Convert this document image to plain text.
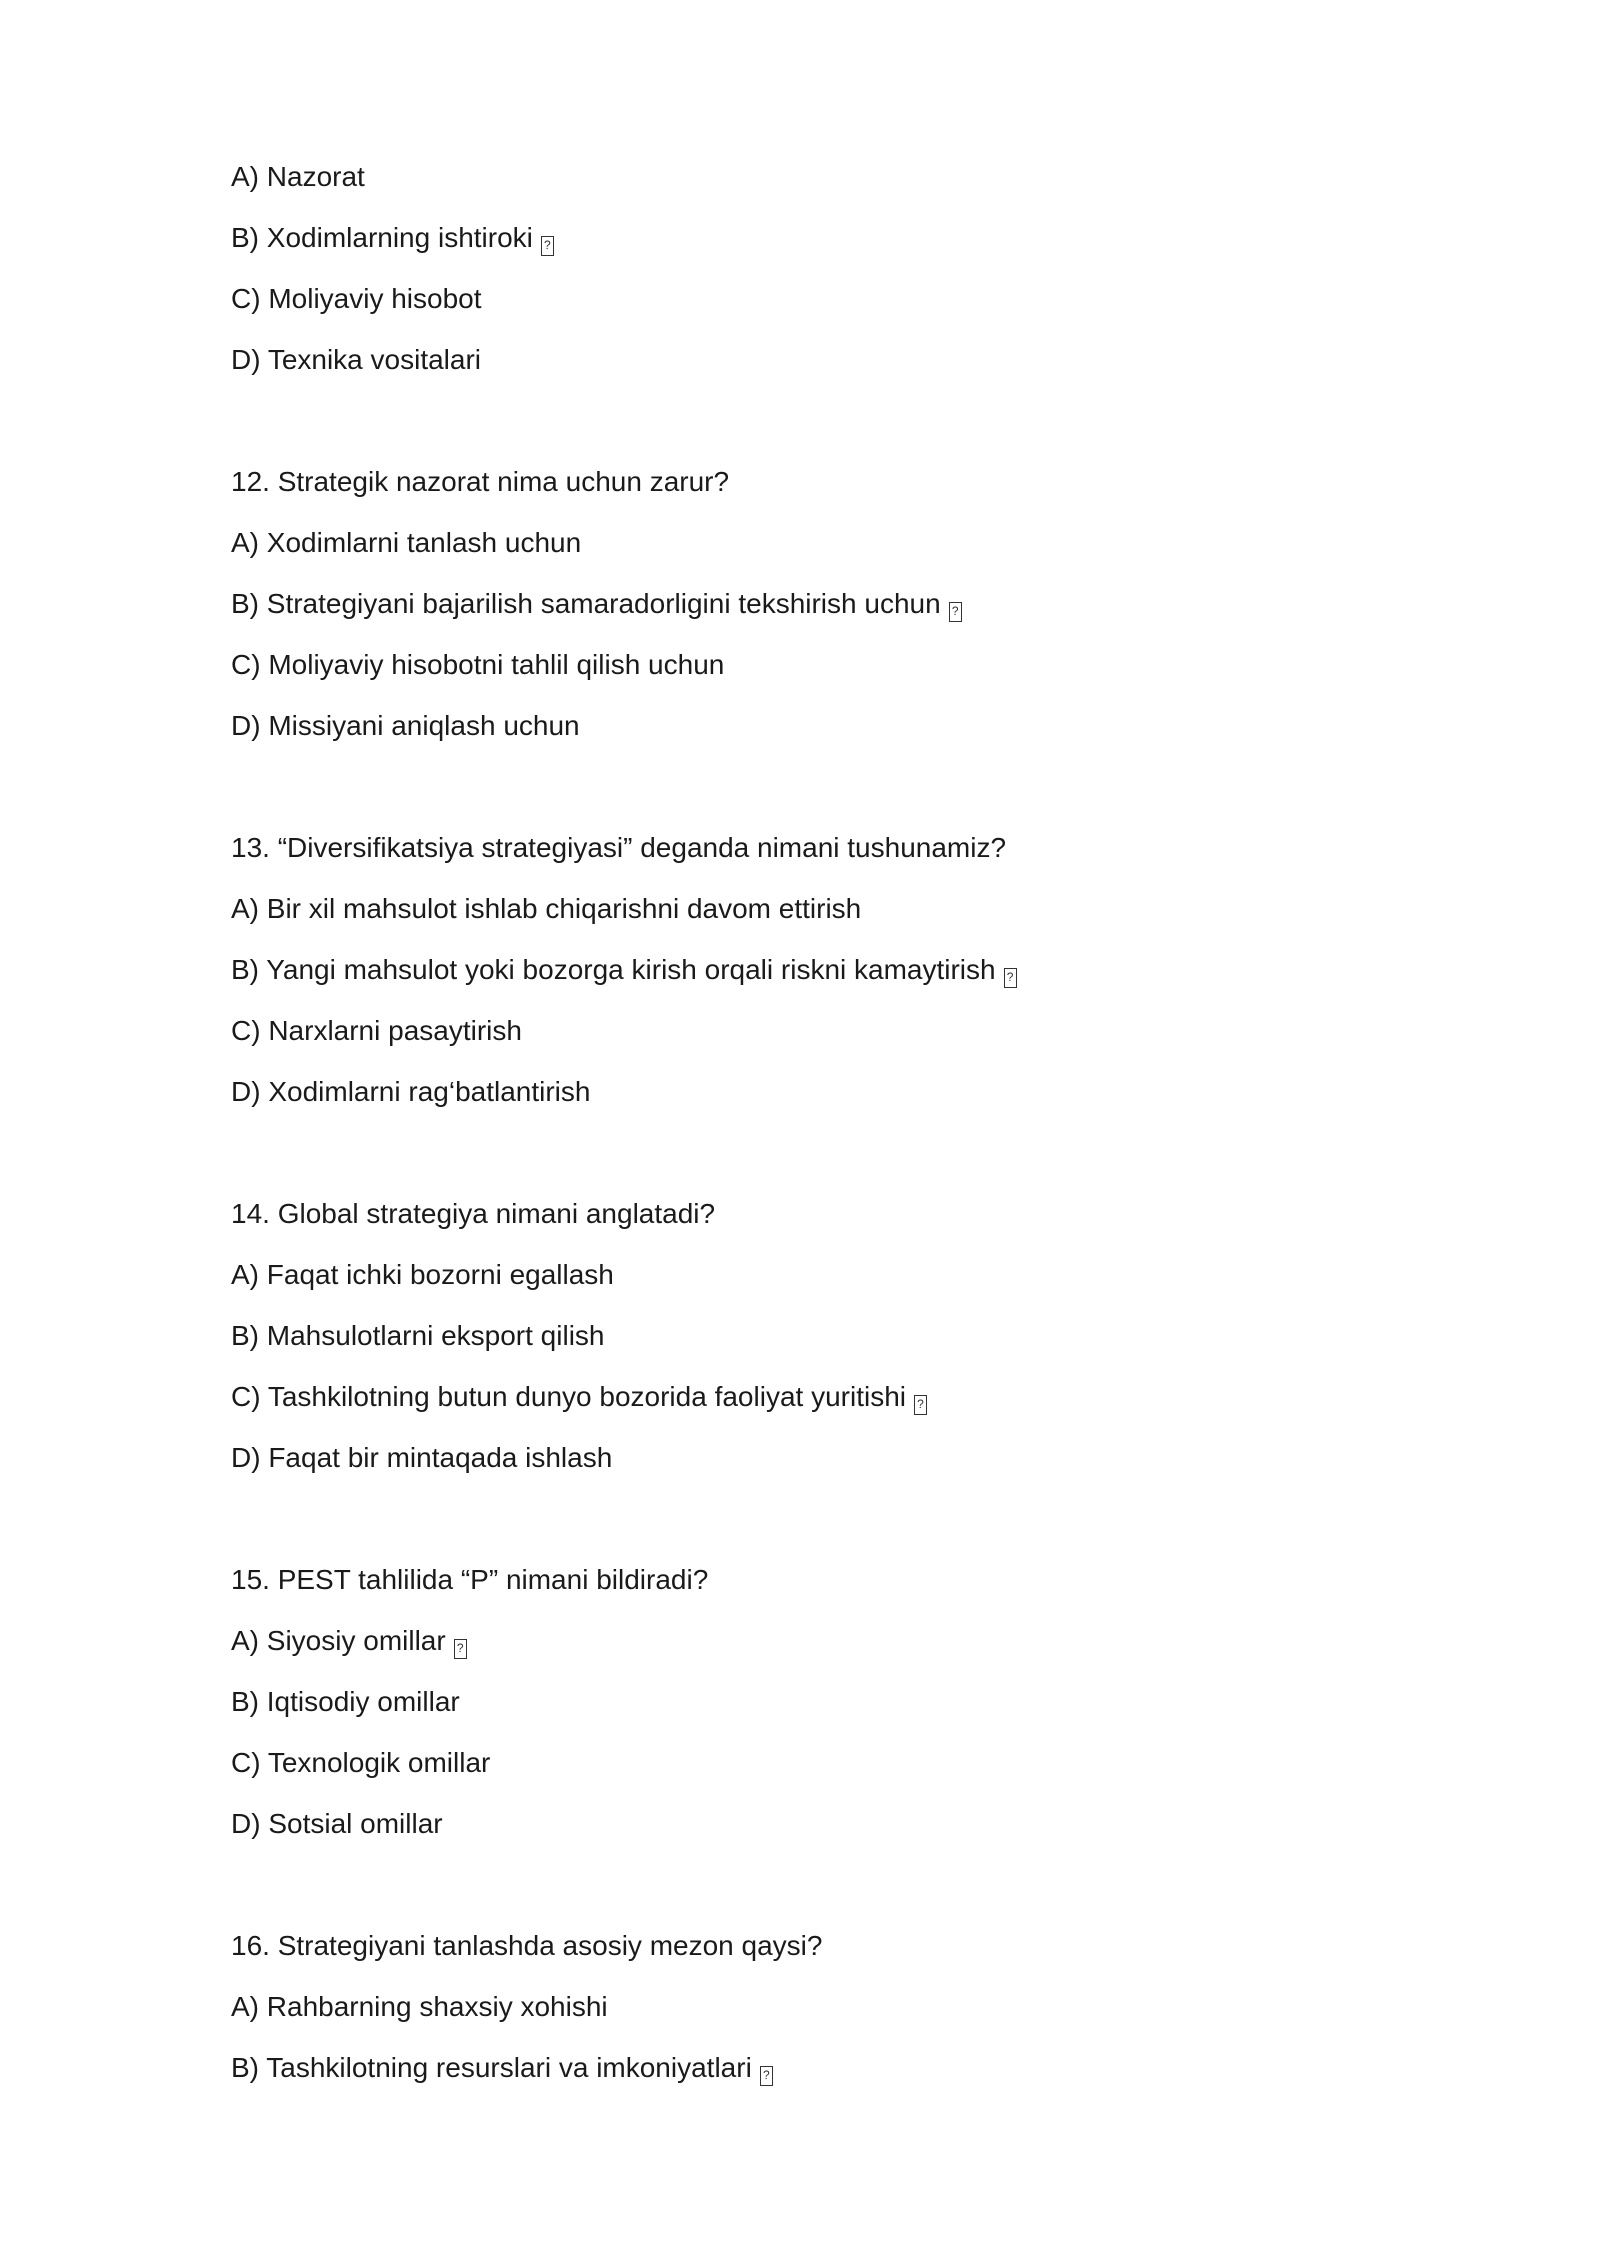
A) Nazorat
B) Xodimlarning ishtiroki ?
C) Moliyaviy hisobot
D) Texnika vositalari
12. Strategik nazorat nima uchun zarur?
A) Xodimlarni tanlash uchun
B) Strategiyani bajarilish samaradorligini tekshirish uchun ?
C) Moliyaviy hisobotni tahlil qilish uchun
D) Missiyani aniqlash uchun
13. “Diversifikatsiya strategiyasi” deganda nimani tushunamiz?
A) Bir xil mahsulot ishlab chiqarishni davom ettirish
B) Yangi mahsulot yoki bozorga kirish orqali riskni kamaytirish ?
C) Narxlarni pasaytirish
D) Xodimlarni rag‘batlantirish
14. Global strategiya nimani anglatadi?
A) Faqat ichki bozorni egallash
B) Mahsulotlarni eksport qilish
C) Tashkilotning butun dunyo bozorida faoliyat yuritishi ?
D) Faqat bir mintaqada ishlash
15. PEST tahlilida “P” nimani bildiradi?
A) Siyosiy omillar ?
B) Iqtisodiy omillar
C) Texnologik omillar
D) Sotsial omillar
16. Strategiyani tanlashda asosiy mezon qaysi?
A) Rahbarning shaxsiy xohishi
B) Tashkilotning resurslari va imkoniyatlari ?
